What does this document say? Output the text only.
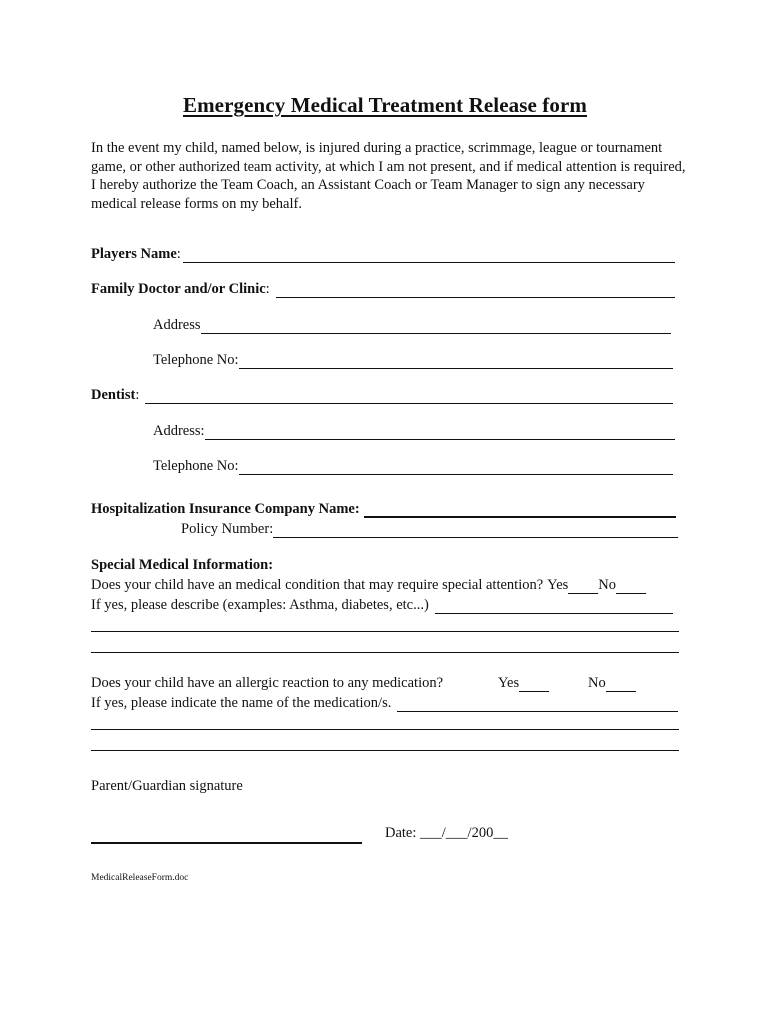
Emergency Medical Treatment Release form
In the event my child, named below, is injured during a practice, scrimmage, league or tournament game, or other authorized team activity, at which I am not present, and if medical attention is required, I hereby authorize the Team Coach, an Assistant Coach or Team Manager to sign any necessary medical release forms on my behalf.
Players Name :
Family Doctor and/or Clinic :
Address
Telephone No:
Dentist :
Address:
Telephone No:
Hospitalization Insurance Company Name:
Policy Number:
Special Medical Information:
Does your child have an medical condition that may require special attention? Yes No
If yes, please describe (examples: Asthma, diabetes, etc...)
Does your child have an allergic reaction to any medication?	Yes	No
If yes, please indicate the name of the medication/s.
Parent/Guardian signature
Date: ___/___/200__
MedicalReleaseForm.doc
